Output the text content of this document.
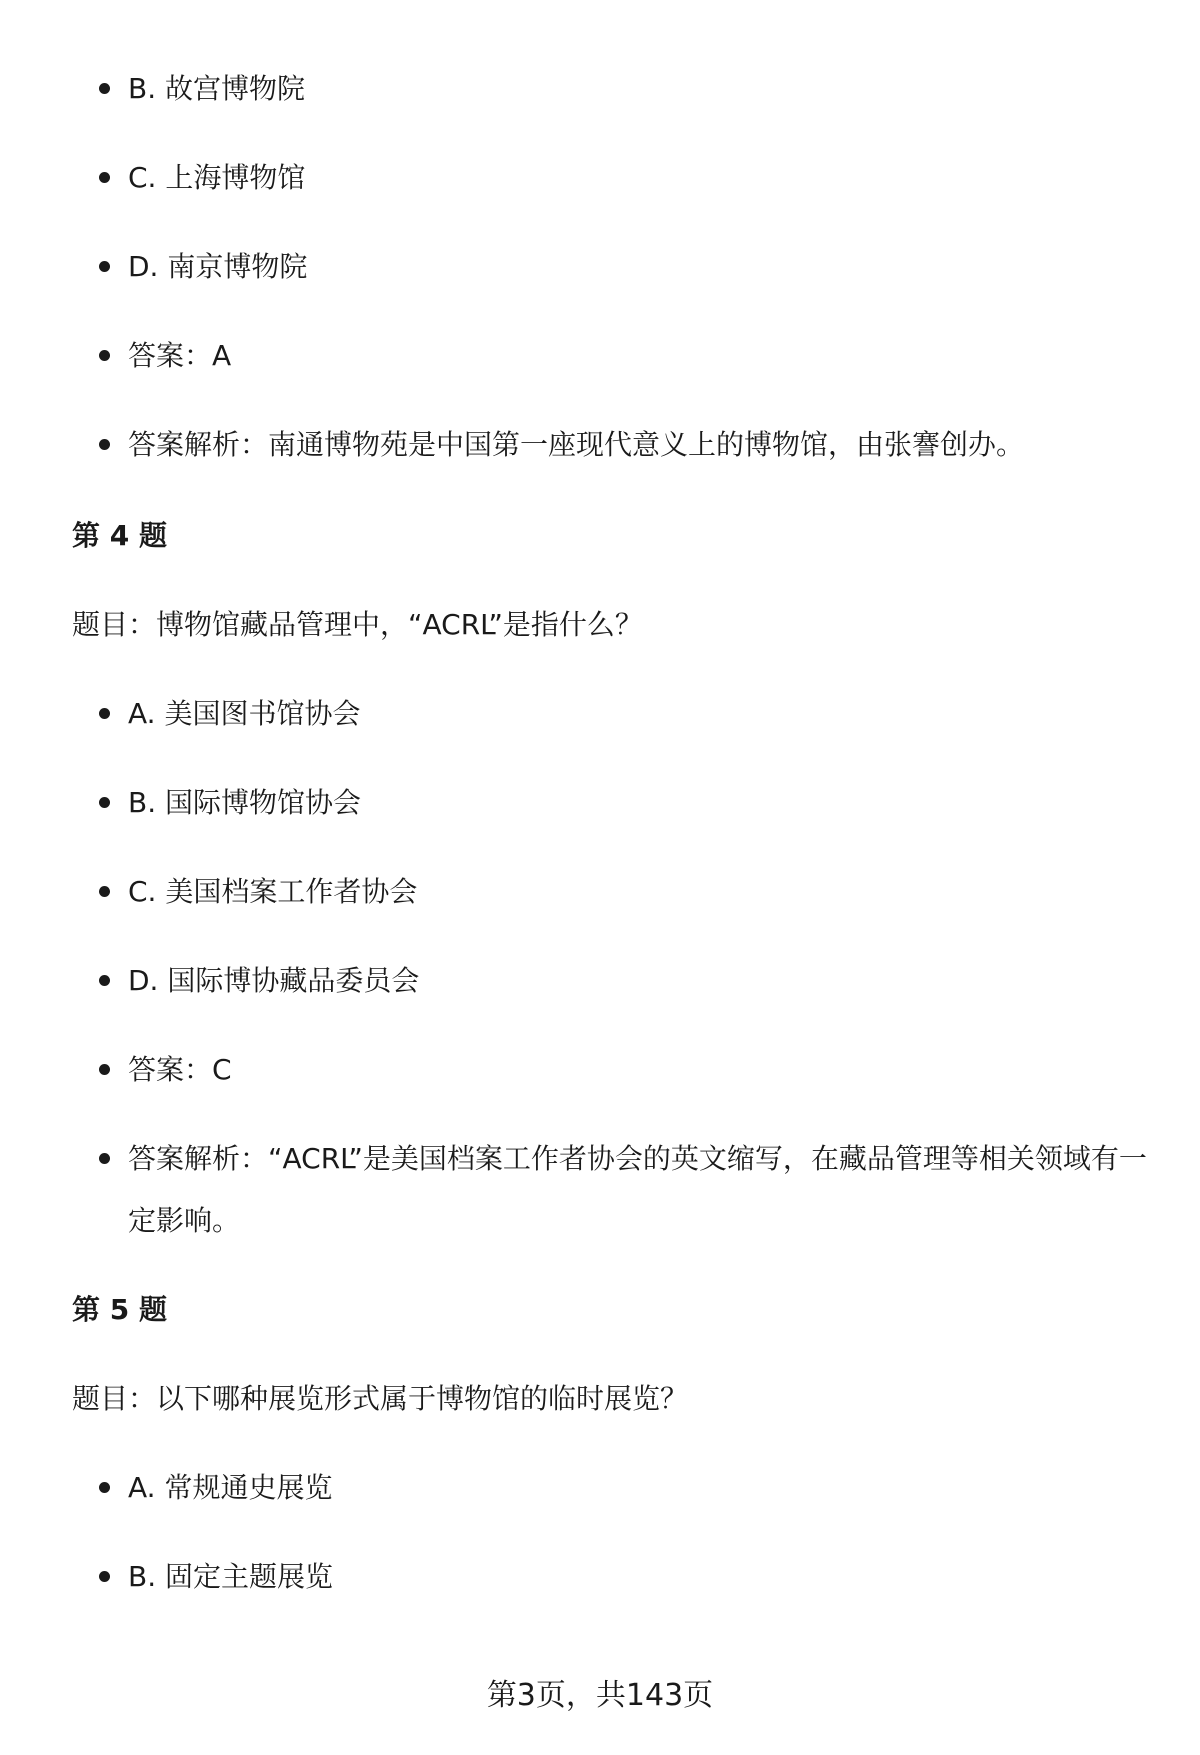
B. 故宫博物院
C. 上海博物馆
D. 南京博物院
答案：A
答案解析：南通博物苑是中国第一座现代意义上的博物馆，由张謇创办。
第 4 题
题目：博物馆藏品管理中，“ACRL”是指什么？
A. 美国图书馆协会
B. 国际博物馆协会
C. 美国档案工作者协会
D. 国际博协藏品委员会
答案：C
答案解析：“ACRL”是美国档案工作者协会的英文缩写，在藏品管理等相关领域有一定影响。
第 5 题
题目：以下哪种展览形式属于博物馆的临时展览？
A. 常规通史展览
B. 固定主题展览
第3页，共143页
